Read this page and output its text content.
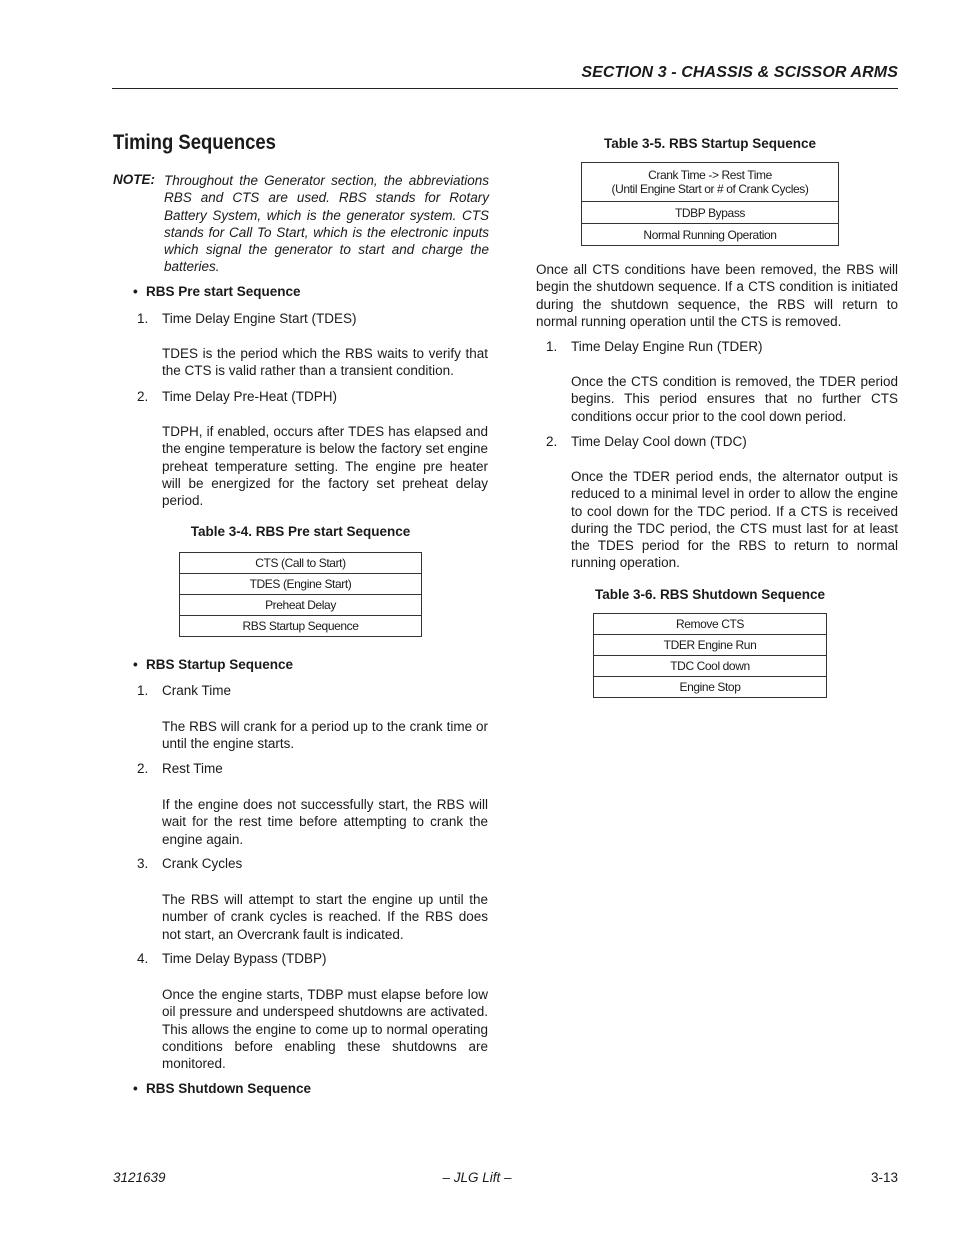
SECTION 3 - CHASSIS & SCISSOR ARMS
Timing Sequences
NOTE: Throughout the Generator section, the abbreviations RBS and CTS are used. RBS stands for Rotary Battery System, which is the generator system. CTS stands for Call To Start, which is the electronic inputs which signal the generator to start and charge the batteries.
• RBS Pre start Sequence
1. Time Delay Engine Start (TDES)
TDES is the period which the RBS waits to verify that the CTS is valid rather than a transient condition.
2. Time Delay Pre-Heat (TDPH)
TDPH, if enabled, occurs after TDES has elapsed and the engine temperature is below the factory set engine preheat temperature setting. The engine pre heater will be energized for the factory set preheat delay period.
Table 3-4. RBS Pre start Sequence
CTS (Call to Start)
TDES (Engine Start)
Preheat Delay
RBS Startup Sequence
• RBS Startup Sequence
1. Crank Time
The RBS will crank for a period up to the crank time or until the engine starts.
2. Rest Time
If the engine does not successfully start, the RBS will wait for the rest time before attempting to crank the engine again.
3. Crank Cycles
The RBS will attempt to start the engine up until the number of crank cycles is reached. If the RBS does not start, an Overcrank fault is indicated.
4. Time Delay Bypass (TDBP)
Once the engine starts, TDBP must elapse before low oil pressure and underspeed shutdowns are activated. This allows the engine to come up to normal operating conditions before enabling these shutdowns are monitored.
• RBS Shutdown Sequence
Table 3-5. RBS Startup Sequence
Crank Time -> Rest Time
(Until Engine Start or # of Crank Cycles)
TDBP Bypass
Normal Running Operation
Once all CTS conditions have been removed, the RBS will begin the shutdown sequence. If a CTS condition is initiated during the shutdown sequence, the RBS will return to normal running operation until the CTS is removed.
1. Time Delay Engine Run (TDER)
Once the CTS condition is removed, the TDER period begins. This period ensures that no further CTS conditions occur prior to the cool down period.
2. Time Delay Cool down (TDC)
Once the TDER period ends, the alternator output is reduced to a minimal level in order to allow the engine to cool down for the TDC period. If a CTS is received during the TDC period, the CTS must last for at least the TDES period for the RBS to return to normal running operation.
Table 3-6. RBS Shutdown Sequence
Remove CTS
TDER Engine Run
TDC Cool down
Engine Stop
3121639	– JLG Lift –	3-13
